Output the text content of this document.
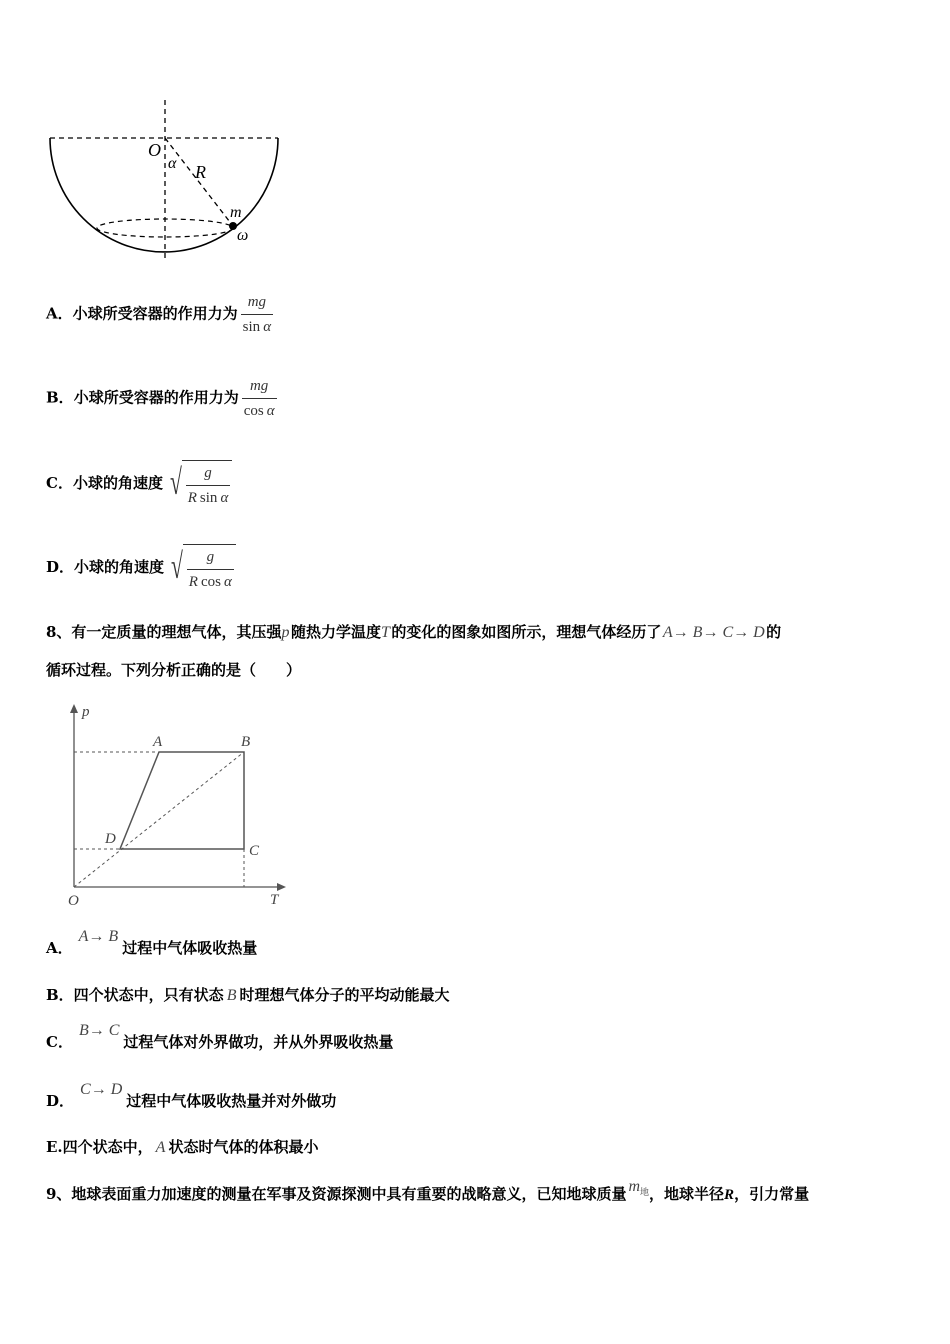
O
α R
m
ω
A．小球所受容器的作用力为 $\frac{mg}{\text{sin  α}}$
B．小球所受容器的作用力为 $\frac{mg}{\text{cos  α}}$
C．小球的角速度 √ $\frac{g}{\text{R  sin  α}}$
D．小球的角速度 √ $\frac{g}{\text{R  cos  α}}$
8、有一定质量的理想气体，其压强p  随热力学温度T  的变化的图象如图所示，理想气体经历了 A→ B→ C→ D  的
循环过程。下列分析正确的是（　　）
p
T
O
A	B
C
D
A．A→ B过程中气体吸收热量
B．四个状态中，只有状态 B 时理想气体分子的平均动能最大
C．B→ C过程气体对外界做功，并从外界吸收热量
D．C→ D过程中气体吸收热量并对外做功
E.四个状态中， A 状态时气体的体积最小
9、地球表面重力加速度的测量在军事及资源探测中具有重要的战略意义，已知地球质量 $m_地$，地球半径R，引力常量
